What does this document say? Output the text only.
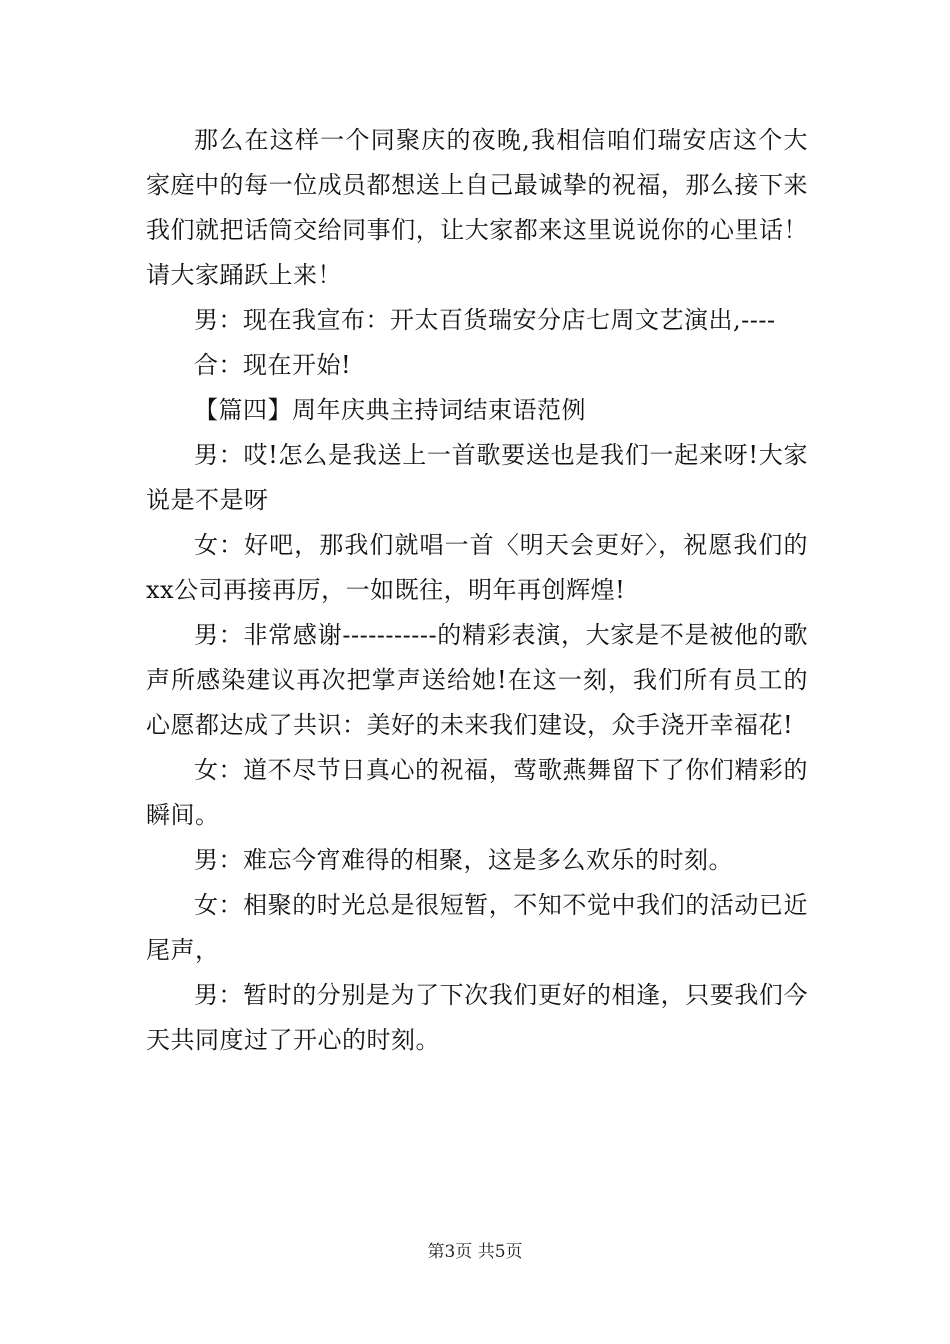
那么在这样一个同聚庆的夜晚,我相信咱们瑞安店这个大家庭中的每一位成员都想送上自己最诚挚的祝福，那么接下来我们就把话筒交给同事们，让大家都来这里说说你的心里话！请大家踊跃上来！

男：现在我宣布：开太百货瑞安分店七周文艺演出,----

合：现在开始!

【篇四】周年庆典主持词结束语范例

男：哎!怎么是我送上一首歌要送也是我们一起来呀!大家说是不是呀

女：好吧，那我们就唱一首〈明天会更好〉，祝愿我们的xx公司再接再厉，一如既往，明年再创辉煌!

男：非常感谢-----------的精彩表演，大家是不是被他的歌声所感染建议再次把掌声送给她!在这一刻，我们所有员工的心愿都达成了共识：美好的未来我们建设，众手浇开幸福花!

女：道不尽节日真心的祝福，莺歌燕舞留下了你们精彩的瞬间。

男：难忘今宵难得的相聚，这是多么欢乐的时刻。

女：相聚的时光总是很短暂，不知不觉中我们的活动已近尾声，

男：暂时的分别是为了下次我们更好的相逢，只要我们今天共同度过了开心的时刻。

第3页 共5页
